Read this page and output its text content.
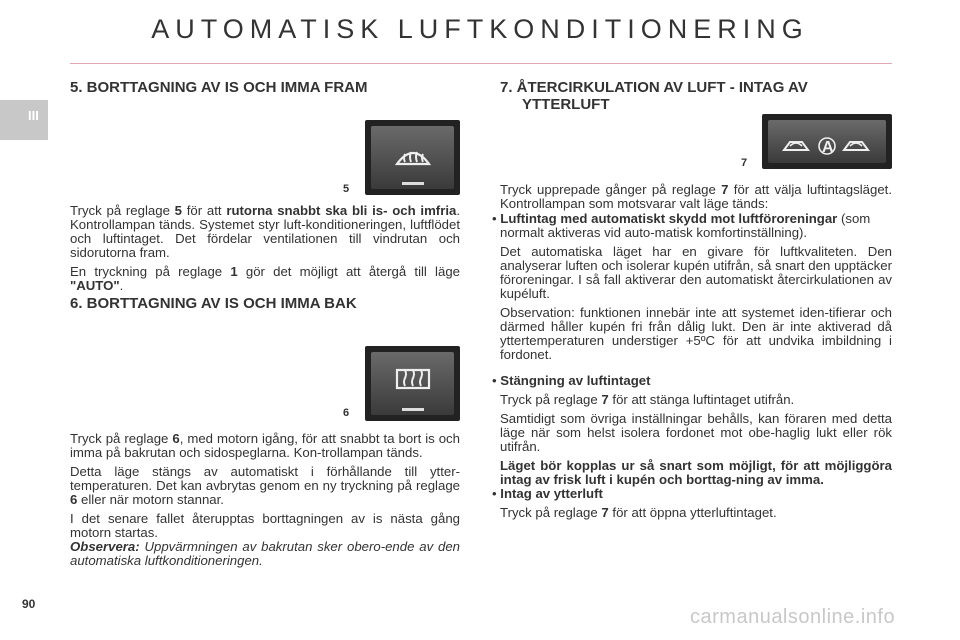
AUTOMATISK LUFTKONDITIONERING
III
90
carmanualsonline.info
5. BORTTAGNING AV IS OCH IMMA FRAM
5

Tryck på reglage 5 för att rutorna snabbt ska bli is- och imfria. Kontrollampan tänds. Systemet styr luft-konditioneringen, luftflödet och luftintaget. Det fördelar ventilationen till vindrutan och sidorutorna fram.

En tryckning på reglage 1 gör det möjligt att återgå till läge "AUTO".

6. BORTTAGNING AV IS OCH IMMA BAK
6

Tryck på reglage 6, med motorn igång, för att snabbt ta bort is och imma på bakrutan och sidospeglarna. Kon-trollampan tänds.

Detta läge stängs av automatiskt i förhållande till ytter-temperaturen. Det kan avbrytas genom en ny tryckning på reglage 6 eller när motorn stannar.

I det senare fallet återupptas borttagningen av is nästa gång motorn startas.

Observera: Uppvärmningen av bakrutan sker obero-ende av den automatiska luftkonditioneringen.

7. ÅTERCIRKULATION AV LUFT - INTAG AV
YTTERLUFT
A
7

Tryck upprepade gånger på reglage 7 för att välja luftintagsläget. Kontrollampan som motsvarar valt läge tänds:

• Luftintag med automatiskt skydd mot luftföroreningar (som normalt aktiveras vid auto-matisk komfortinställning).

Det automatiska läget har en givare för luftkvaliteten. Den analyserar luften och isolerar kupén utifrån, så snart den upptäcker föroreningar. I så fall aktiverar den automatiskt återcirkulationen av kupéluft.

Observation: funktionen innebär inte att systemet iden-tifierar och därmed håller kupén fri från dålig lukt. Den är inte aktiverad då yttertemperaturen understiger +5ºC för att undvika imbildning i fordonet.

• Stängning av luftintaget

Tryck på reglage 7 för att stänga luftintaget utifrån.

Samtidigt som övriga inställningar behålls, kan föraren med detta läge när som helst isolera fordonet mot obe-haglig lukt eller rök utifrån.

Läget bör kopplas ur så snart som möjligt, för att möjliggöra intag av frisk luft i kupén och borttag-ning av imma.

• Intag av ytterluft

Tryck på reglage 7 för att öppna ytterluftintaget.
